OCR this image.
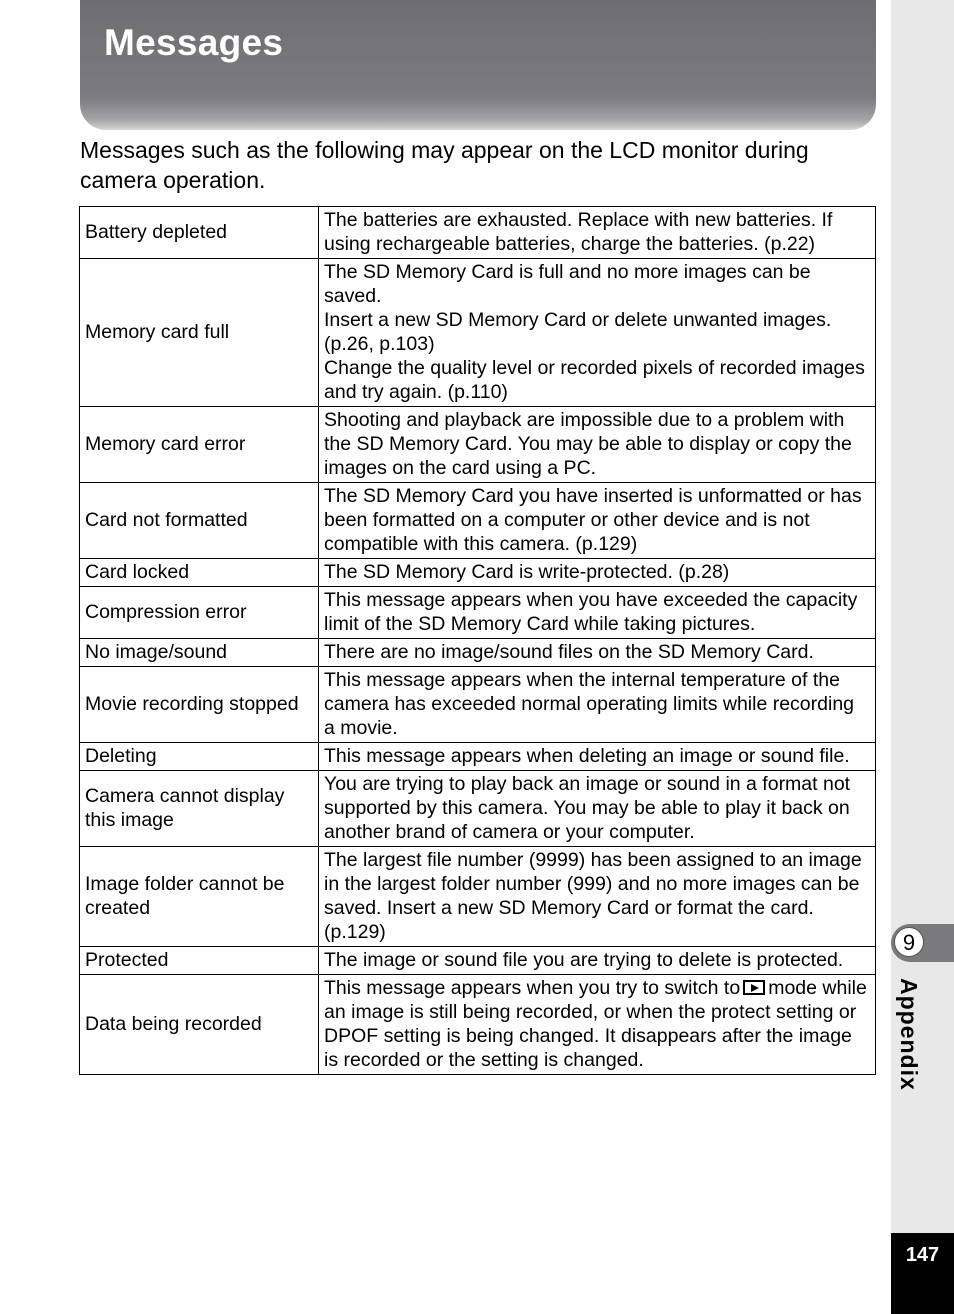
Messages

Messages such as the following may appear on the LCD monitor during camera operation.

Battery depleted	The batteries are exhausted. Replace with new batteries. If using rechargeable batteries, charge the batteries. (p.22)

Memory card full	The SD Memory Card is full and no more images can be saved.
Insert a new SD Memory Card or delete unwanted images. (p.26, p.103)
Change the quality level or recorded pixels of recorded images and try again. (p.110)

Memory card error	Shooting and playback are impossible due to a problem with the SD Memory Card. You may be able to display or copy the images on the card using a PC.

Card not formatted	The SD Memory Card you have inserted is unformatted or has been formatted on a computer or other device and is not compatible with this camera. (p.129)

Card locked	The SD Memory Card is write-protected. (p.28)

Compression error	This message appears when you have exceeded the capacity limit of the SD Memory Card while taking pictures.

No image/sound	There are no image/sound files on the SD Memory Card.

Movie recording stopped	This message appears when the internal temperature of the camera has exceeded normal operating limits while recording a movie.

Deleting	This message appears when deleting an image or sound file.

Camera cannot display this image	You are trying to play back an image or sound in a format not supported by this camera. You may be able to play it back on another brand of camera or your computer.

Image folder cannot be created	The largest file number (9999) has been assigned to an image in the largest folder number (999) and no more images can be saved. Insert a new SD Memory Card or format the card. (p.129)

Protected	The image or sound file you are trying to delete is protected.

Data being recorded	This message appears when you try to switch to mode while an image is still being recorded, or when the protect setting or DPOF setting is being changed. It disappears after the image is recorded or the setting is changed.
9
Appendix
147
